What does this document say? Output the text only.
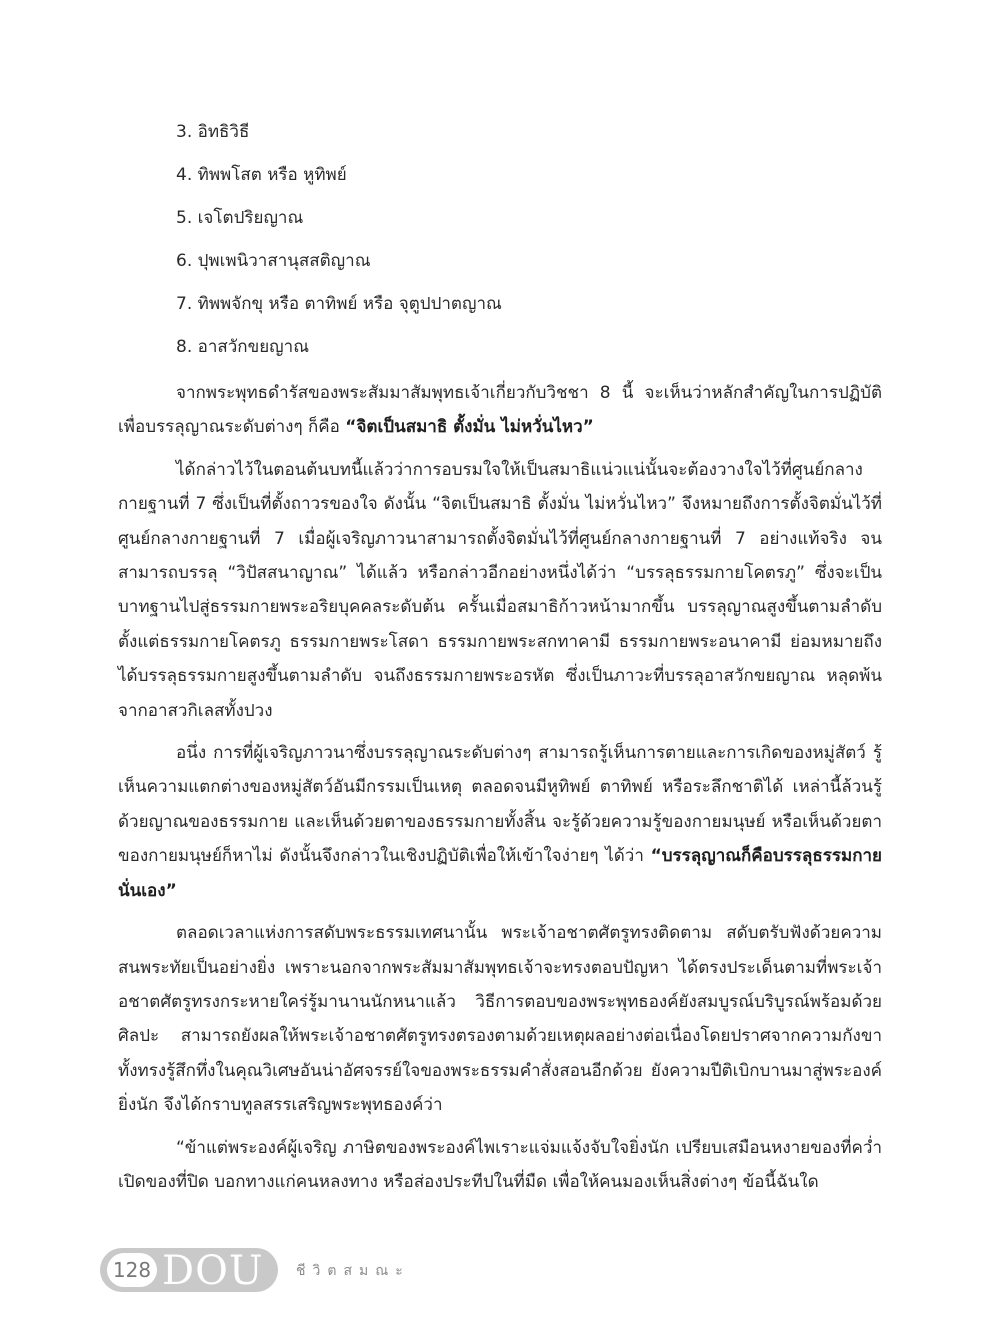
3. อิทธิวิธี
4. ทิพพโสต หรือ หูทิพย์
5. เจโตปริยญาณ
6. ปุพเพนิวาสานุสสติญาณ
7. ทิพพจักขุ หรือ ตาทิพย์ หรือ จุตูปปาตญาณ
8. อาสวักขยญาณ

จากพระพุทธดำรัสของพระสัมมาสัมพุทธเจ้าเกี่ยวกับวิชชา 8 นี้ จะเห็นว่าหลักสำคัญในการปฏิบัติเพื่อบรรลุญาณระดับต่างๆ ก็คือ “จิตเป็นสมาธิ ตั้งมั่น ไม่หวั่นไหว”

ได้กล่าวไว้ในตอนต้นบทนี้แล้วว่าการอบรมใจให้เป็นสมาธิแน่วแน่นั้นจะต้องวางใจไว้ที่ศูนย์กลางกายฐานที่ 7 ซึ่งเป็นที่ตั้งถาวรของใจ ดังนั้น “จิตเป็นสมาธิ ตั้งมั่น ไม่หวั่นไหว” จึงหมายถึงการตั้งจิตมั่นไว้ที่ศูนย์กลางกายฐานที่ 7 เมื่อผู้เจริญภาวนาสามารถตั้งจิตมั่นไว้ที่ศูนย์กลางกายฐานที่ 7 อย่างแท้จริง จนสามารถบรรลุ “วิปัสสนาญาณ” ได้แล้ว หรือกล่าวอีกอย่างหนึ่งได้ว่า “บรรลุธรรมกายโคตรภู” ซึ่งจะเป็นบาทฐานไปสู่ธรรมกายพระอริยบุคคลระดับต้น ครั้นเมื่อสมาธิก้าวหน้ามากขึ้น บรรลุญาณสูงขึ้นตามลำดับ ตั้งแต่ธรรมกายโคตรภู ธรรมกายพระโสดา ธรรมกายพระสกทาคามี ธรรมกายพระอนาคามี ย่อมหมายถึงได้บรรลุธรรมกายสูงขึ้นตามลำดับ จนถึงธรรมกายพระอรหัต ซึ่งเป็นภาวะที่บรรลุอาสวักขยญาณ หลุดพ้นจากอาสวกิเลสทั้งปวง

อนึ่ง การที่ผู้เจริญภาวนาซึ่งบรรลุญาณระดับต่างๆ สามารถรู้เห็นการตายและการเกิดของหมู่สัตว์ รู้เห็นความแตกต่างของหมู่สัตว์อันมีกรรมเป็นเหตุ ตลอดจนมีหูทิพย์ ตาทิพย์ หรือระลึกชาติได้ เหล่านี้ล้วนรู้ด้วยญาณของธรรมกาย และเห็นด้วยตาของธรรมกายทั้งสิ้น จะรู้ด้วยความรู้ของกายมนุษย์ หรือเห็นด้วยตาของกายมนุษย์ก็หาไม่ ดังนั้นจึงกล่าวในเชิงปฏิบัติเพื่อให้เข้าใจง่ายๆ ได้ว่า “บรรลุญาณก็คือบรรลุธรรมกายนั่นเอง”

ตลอดเวลาแห่งการสดับพระธรรมเทศนานั้น พระเจ้าอชาตศัตรูทรงติดตาม สดับตรับฟังด้วยความสนพระทัยเป็นอย่างยิ่ง เพราะนอกจากพระสัมมาสัมพุทธเจ้าจะทรงตอบปัญหา ได้ตรงประเด็นตามที่พระเจ้าอชาตศัตรูทรงกระหายใคร่รู้มานานนักหนาแล้ว วิธีการตอบของพระพุทธองค์ยังสมบูรณ์บริบูรณ์พร้อมด้วยศิลปะ สามารถยังผลให้พระเจ้าอชาตศัตรูทรงตรองตามด้วยเหตุผลอย่างต่อเนื่องโดยปราศจากความกังขา ทั้งทรงรู้สึกทึ่งในคุณวิเศษอันน่าอัศจรรย์ใจของพระธรรมคำสั่งสอนอีกด้วย ยังความปีติเบิกบานมาสู่พระองค์ยิ่งนัก จึงได้กราบทูลสรรเสริญพระพุทธองค์ว่า

“ข้าแต่พระองค์ผู้เจริญ ภาษิตของพระองค์ไพเราะแจ่มแจ้งจับใจยิ่งนัก เปรียบเสมือนหงายของที่คว่ำ เปิดของที่ปิด บอกทางแก่คนหลงทาง หรือส่องประทีปในที่มืด เพื่อให้คนมองเห็นสิ่งต่างๆ ข้อนี้ฉันใด

128 DOU ชีวิตสมณะ
